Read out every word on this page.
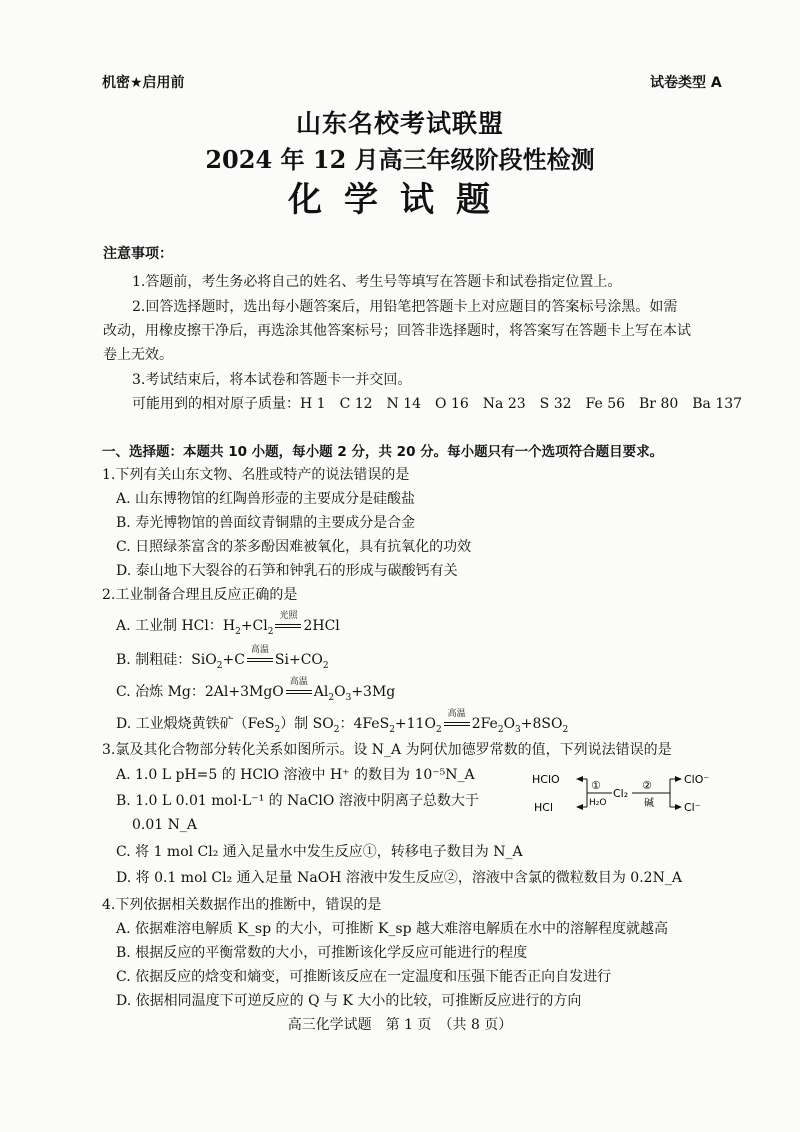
机密★启用前	试卷类型 A
山东名校考试联盟
2024 年 12 月高三年级阶段性检测
化学试题
注意事项：
1.答题前，考生务必将自己的姓名、考生号等填写在答题卡和试卷指定位置上。
2.回答选择题时，选出每小题答案后，用铅笔把答题卡上对应题目的答案标号涂黑。如需
改动，用橡皮擦干净后，再选涂其他答案标号；回答非选择题时，将答案写在答题卡上写在本试
卷上无效。
3.考试结束后，将本试卷和答题卡一并交回。
可能用到的相对原子质量：H 1　C 12　N 14　O 16　Na 23　S 32　Fe 56　Br 80　Ba 137
一、选择题：本题共 10 小题，每小题 2 分，共 20 分。每小题只有一个选项符合题目要求。
1.下列有关山东文物、名胜或特产的说法错误的是
A. 山东博物馆的红陶兽形壶的主要成分是硅酸盐
B. 寿光博物馆的兽面纹青铜鼎的主要成分是合金
C. 日照绿茶富含的茶多酚因难被氧化，具有抗氧化的功效
D. 泰山地下大裂谷的石笋和钟乳石的形成与碳酸钙有关
2.工业制备合理且反应正确的是
A. 工业制 HCl：$H_2+Cl_2$
光照
2HCl
B. 制粗硅：SiO$_2$+C
高温
$Si+CO_2$
C. 冶炼 Mg：2Al+3MgO
高温
$Al_2O_3+3Mg$
D. 工业煅烧黄铁矿（FeS$_2$）制 $SO_2$：$4FeS_2+11O_2$
高温
$2Fe_2O_3+8SO_2$
3.氯及其化合物部分转化关系如图所示。设 N_A 为阿伏加德罗常数的值，下列说法错误的是
A. 1.0 L pH=5 的 HClO 溶液中 H⁺ 的数目为 10⁻⁵N_A
B. 1.0 L 0.01 mol·L⁻¹ 的 NaClO 溶液中阴离子总数大于
0.01 N_A
C. 将 1 mol Cl₂ 通入足量水中发生反应①，转移电子数目为 N_A
D. 将 0.1 mol Cl₂ 通入足量 NaOH 溶液中发生反应②，溶液中含氯的微粒数目为 0.2N_A
HClO
HCl
①
H₂O
Cl₂
②
碱
ClO⁻
Cl⁻
4.下列依据相关数据作出的推断中，错误的是
A. 依据难溶电解质 K_sp 的大小，可推断 K_sp 越大难溶电解质在水中的溶解程度就越高
B. 根据反应的平衡常数的大小，可推断该化学反应可能进行的程度
C. 依据反应的焓变和熵变，可推断该反应在一定温度和压强下能否正向自发进行
D. 依据相同温度下可逆反应的 Q 与 K 大小的比较，可推断反应进行的方向
高三化学试题　第 1 页　（共 8 页）
